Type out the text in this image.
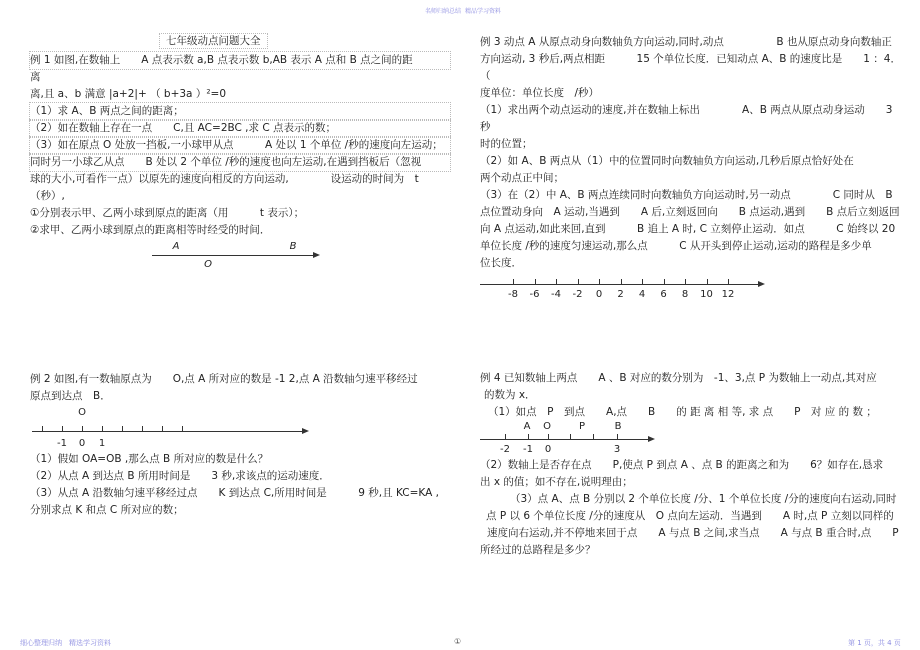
名师归纳总结 精品学习资料
七年级动点问题大全
例 1 如图,在数轴上　　A 点表示数 a,B 点表示数 b,AB 表示 A 点和 B 点之间的距
离
离,且 a、b 满意 |a+2|+ （ b+3a ）²=0
（1）求 A、B 两点之间的距离；
（2）如在数轴上存在一点　　C,且 AC=2BC ,求 C 点表示的数；
（3）如在原点 O 处放一挡板,一小球甲从点　　　A 处以 1 个单位 /秒的速度向左运动；
同时另一小球乙从点　　B 处以 2 个单位 /秒的速度也向左运动,在遇到挡板后（忽视
球的大小,可看作一点）以原先的速度向相反的方向运动,　　　　设运动的时间为　t（秒）,
①分别表示甲、乙两小球到原点的距离（用　　　t 表示）；
②求甲、乙两小球到原点的距离相等时经受的时间．
A
O
B
例 3 动点 A 从原点动身向数轴负方向运动,同时,动点　　　　　B 也从原点动身向数轴正
方向运动, 3 秒后,两点相距　　　15 个单位长度．已知动点 A、B 的速度比是　　1 ：4．（
度单位：单位长度　/秒）
（1）求出两个动点运动的速度,并在数轴上标出　　　　A、B 两点从原点动身运动　　3 秒
时的位置；
（2）如 A、B 两点从（1）中的位置同时向数轴负方向运动,几秒后原点恰好处在
两个动点正中间；
（3）在（2）中 A、B 两点连续同时向数轴负方向运动时,另一动点　　　　C 同时从　B
点位置动身向　A 运动,当遇到　　A 后,立刻返回向　　B 点运动,遇到　　B 点后立刻返回
向 A 点运动,如此来回,直到　　　B 追上 A 时, C 立刻停止运动．如点　　　C 始终以 20
单位长度 /秒的速度匀速运动,那么点　　　C 从开头到停止运动,运动的路程是多少单
位长度．
-8 -6 -4 -2 0 2 4 6 8 10 12
例 2 如图,有一数轴原点为　　O,点 A 所对应的数是 -1 2,点 A 沿数轴匀速平移经过
原点到达点　B．
O
-1 0 1
（1）假如 OA=OB ,那么点 B 所对应的数是什么？
（2）从点 A 到达点 B 所用时间是　　3 秒,求该点的运动速度．
（3）从点 A 沿数轴匀速平移经过点　　K 到达点 C,所用时间是　　　9 秒,且 KC=KA ,
分别求点 K 和点 C 所对应的数；
例 4 已知数轴上两点　　A 、B 对应的数分别为　-1、3,点 P 为数轴上一动点,其对应
的数为 x．
（1）如点　P　到点　　A,点　　B　　的 距 离 相 等, 求 点　　P　对 应 的 数 ；
-2 -1 0	3
A O	P	B
（2）数轴上是否存在点　　P,使点 P 到点 A 、点 B 的距离之和为　　6？如存在,恳求
出 x 的值；如不存在,说明理由；
（3）点 A、点 B 分别以 2 个单位长度 /分、1 个单位长度 /分的速度向右运动,同时
点 P 以 6 个单位长度 /分的速度从　O 点向左运动．当遇到　　A 时,点 P 立刻以同样的
速度向右运动,并不停地来回于点　　A 与点 B 之间,求当点　　A 与点 B 重合时,点　　P
所经过的总路程是多少？
细心整理归纳　精选学习资料	①	第 1 页，共 4 页
